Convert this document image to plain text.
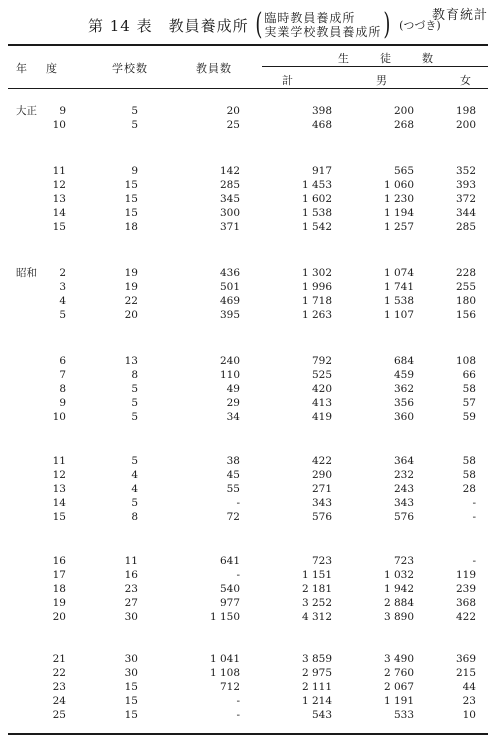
教育統計
第 14 表　教員養成所 ( 臨時教員養成所
実業学校教員養成所 ) (つづき)
年　度	学校数	教員数
生　徒　数
計	男	女
大正	9	5	20	398	200	198
10	5	25	468	268	200
11	9	142	917	565	352
12	15	285	1 453	1 060	393
13	15	345	1 602	1 230	372
14	15	300	1 538	1 194	344
15	18	371	1 542	1 257	285
昭和	2	19	436	1 302	1 074	228
3	19	501	1 996	1 741	255
4	22	469	1 718	1 538	180
5	20	395	1 263	1 107	156
6	13	240	792	684	108
7	8	110	525	459	66
8	5	49	420	362	58
9	5	29	413	356	57
10	5	34	419	360	59
11	5	38	422	364	58
12	4	45	290	232	58
13	4	55	271	243	28
14	5	-	343	343	-
15	8	72	576	576	-
16	11	641	723	723	-
17	16	-	1 151	1 032	119
18	23	540	2 181	1 942	239
19	27	977	3 252	2 884	368
20	30	1 150	4 312	3 890	422
21	30	1 041	3 859	3 490	369
22	30	1 108	2 975	2 760	215
23	15	712	2 111	2 067	44
24	15	-	1 214	1 191	23
25	15	-	543	533	10
